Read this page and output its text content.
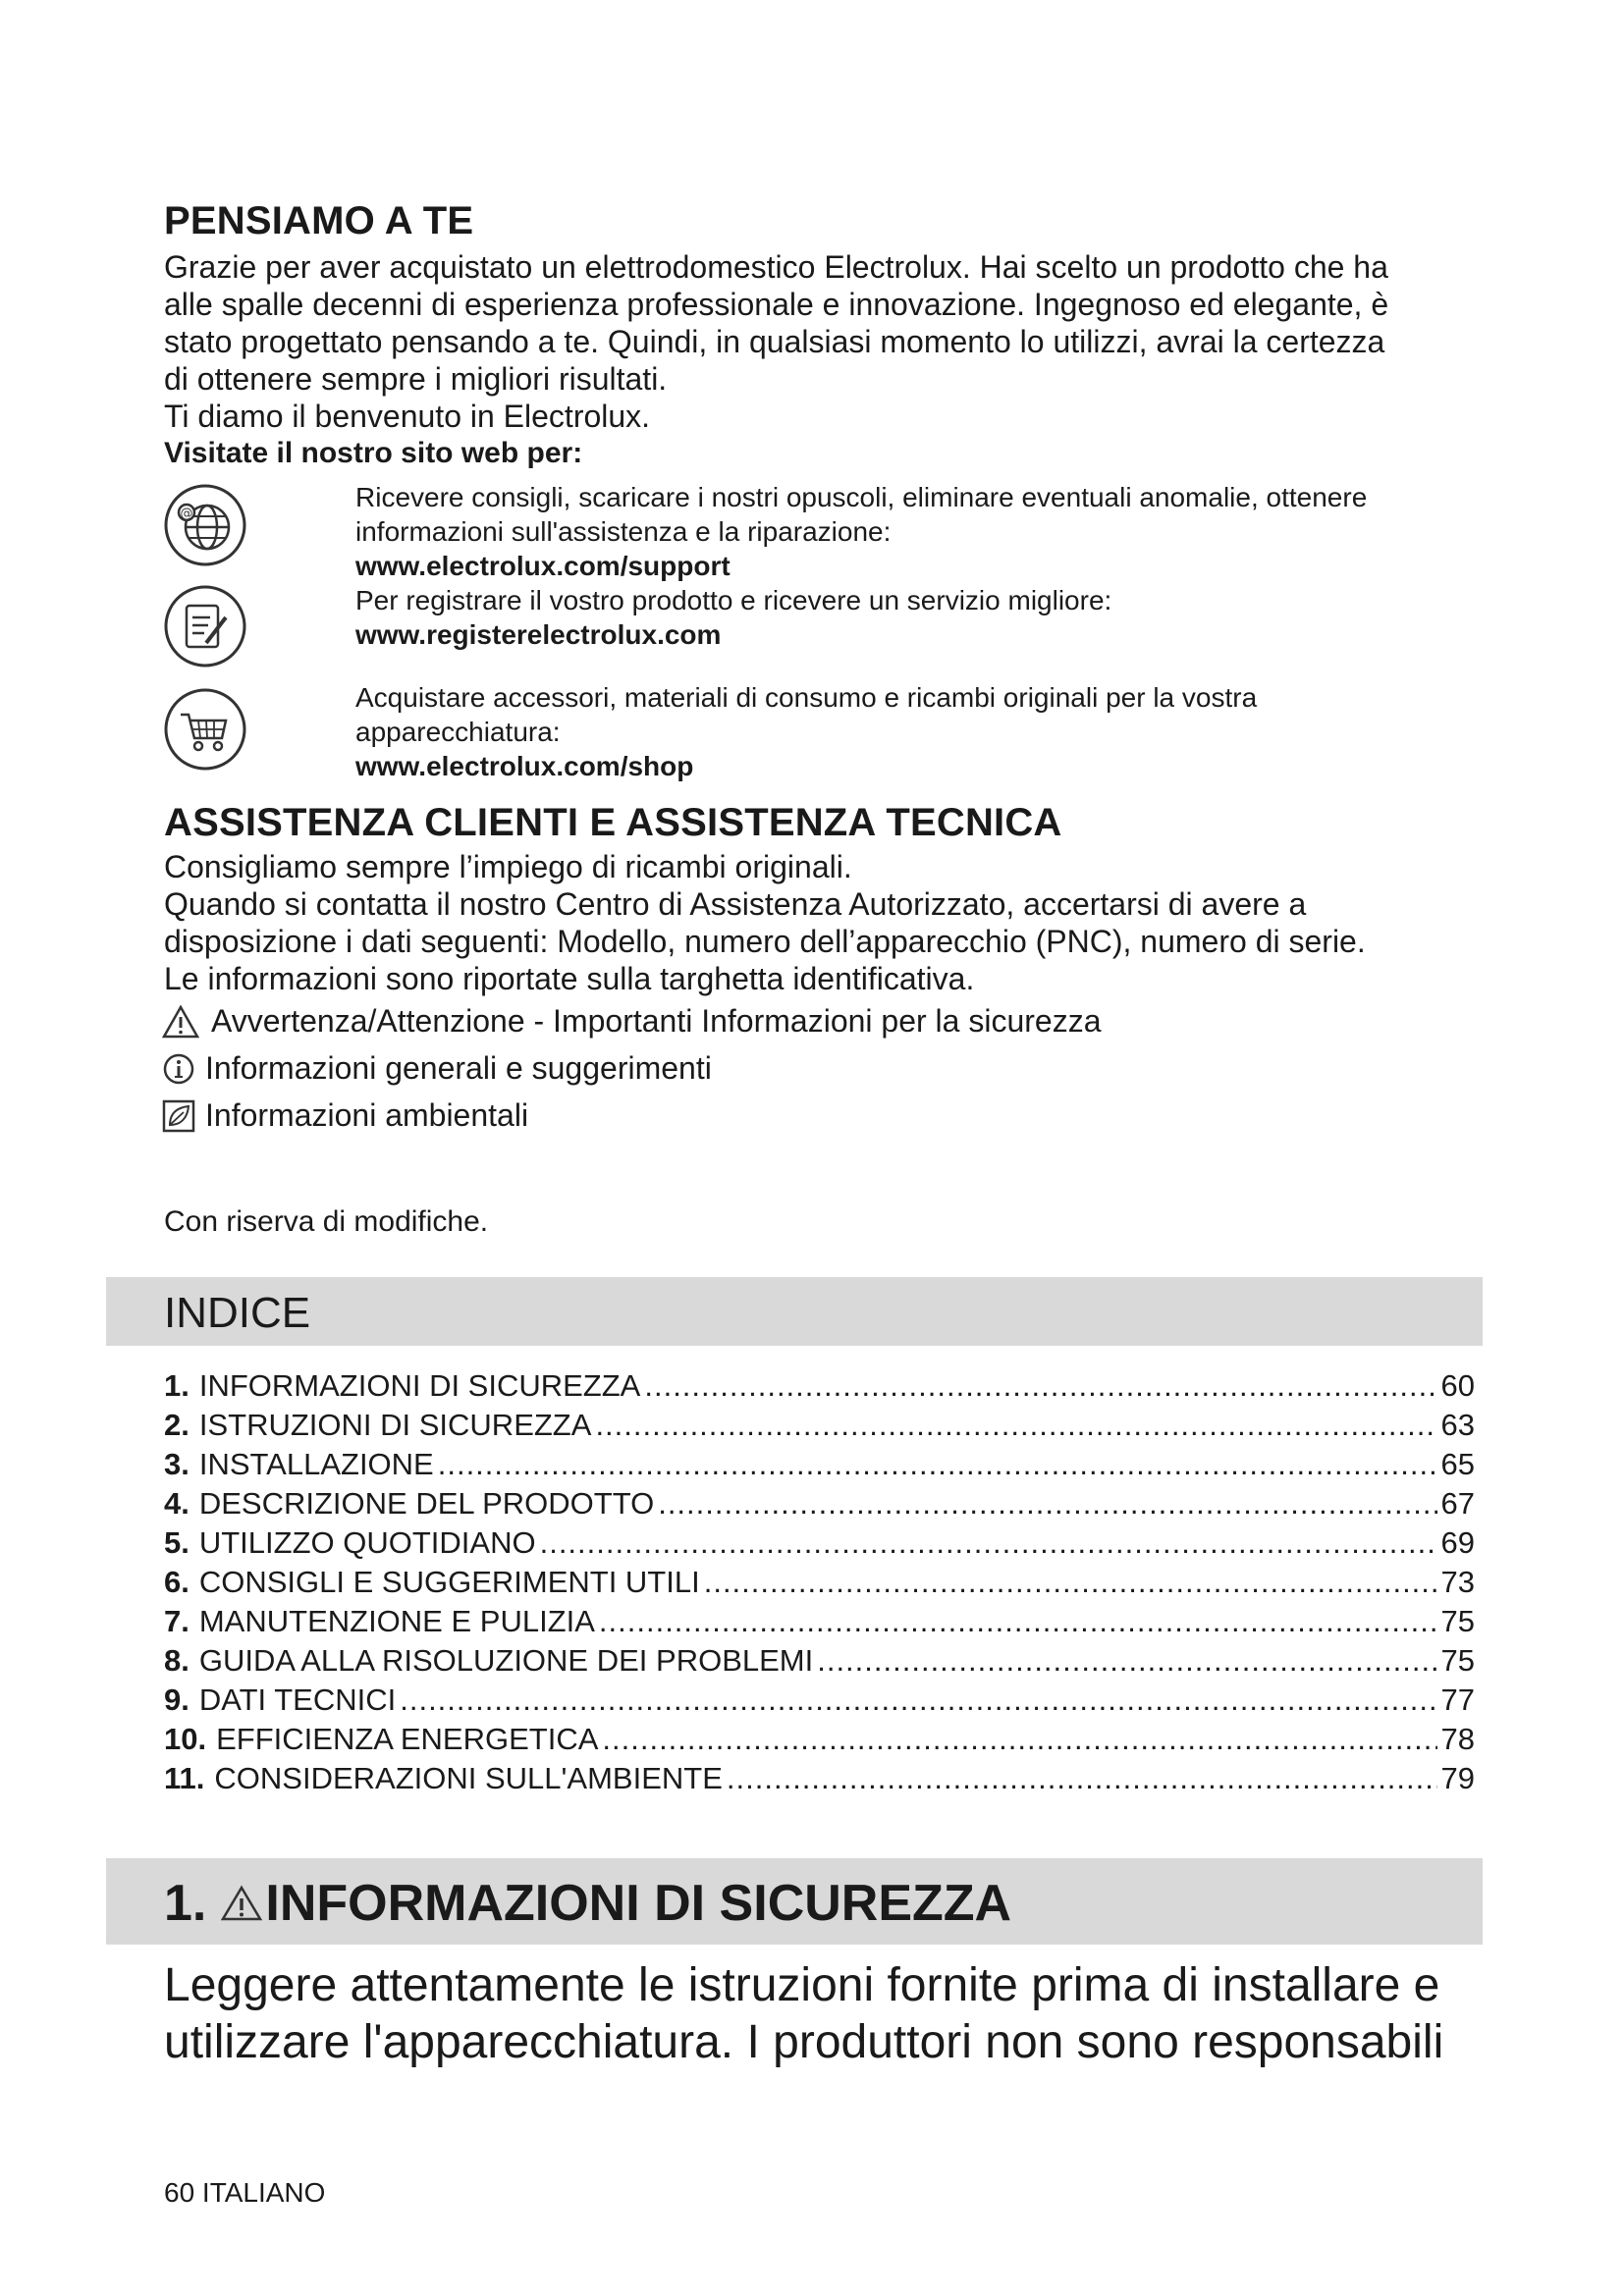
PENSIAMO A TE
Grazie per aver acquistato un elettrodomestico Electrolux. Hai scelto un prodotto che ha
alle spalle decenni di esperienza professionale e innovazione. Ingegnoso ed elegante, è
stato progettato pensando a te. Quindi, in qualsiasi momento lo utilizzi, avrai la certezza
di ottenere sempre i migliori risultati.
Ti diamo il benvenuto in Electrolux.
Visitate il nostro sito web per:
@
Ricevere consigli, scaricare i nostri opuscoli, eliminare eventuali anomalie, ottenere
informazioni sull'assistenza e la riparazione:
www.electrolux.com/support
Per registrare il vostro prodotto e ricevere un servizio migliore:
www.registerelectrolux.com
Acquistare accessori, materiali di consumo e ricambi originali per la vostra
apparecchiatura:
www.electrolux.com/shop
ASSISTENZA CLIENTI E ASSISTENZA TECNICA
Consigliamo sempre l’impiego di ricambi originali.
Quando si contatta il nostro Centro di Assistenza Autorizzato, accertarsi di avere a
disposizione i dati seguenti: Modello, numero dell’apparecchio (PNC), numero di serie.
Le informazioni sono riportate sulla targhetta identificativa.
Avvertenza/Attenzione - Importanti Informazioni per la sicurezza
Informazioni generali e suggerimenti
Informazioni ambientali
Con riserva di modifiche.
INDICE
1. INFORMAZIONI DI SICUREZZA .....	60
2. ISTRUZIONI DI SICUREZZA .....	63
3. INSTALLAZIONE .....	65
4. DESCRIZIONE DEL PRODOTTO .....	67
5. UTILIZZO QUOTIDIANO .....	69
6. CONSIGLI E SUGGERIMENTI UTILI .....	73
7. MANUTENZIONE E PULIZIA .....	75
8. GUIDA ALLA RISOLUZIONE DEI PROBLEMI .....	75
9. DATI TECNICI .....	77
10. EFFICIENZA ENERGETICA .....	78
11. CONSIDERAZIONI SULL'AMBIENTE .....	79
1. INFORMAZIONI DI SICUREZZA
Leggere attentamente le istruzioni fornite prima di installare e
utilizzare l'apparecchiatura. I produttori non sono responsabili
60 ITALIANO
